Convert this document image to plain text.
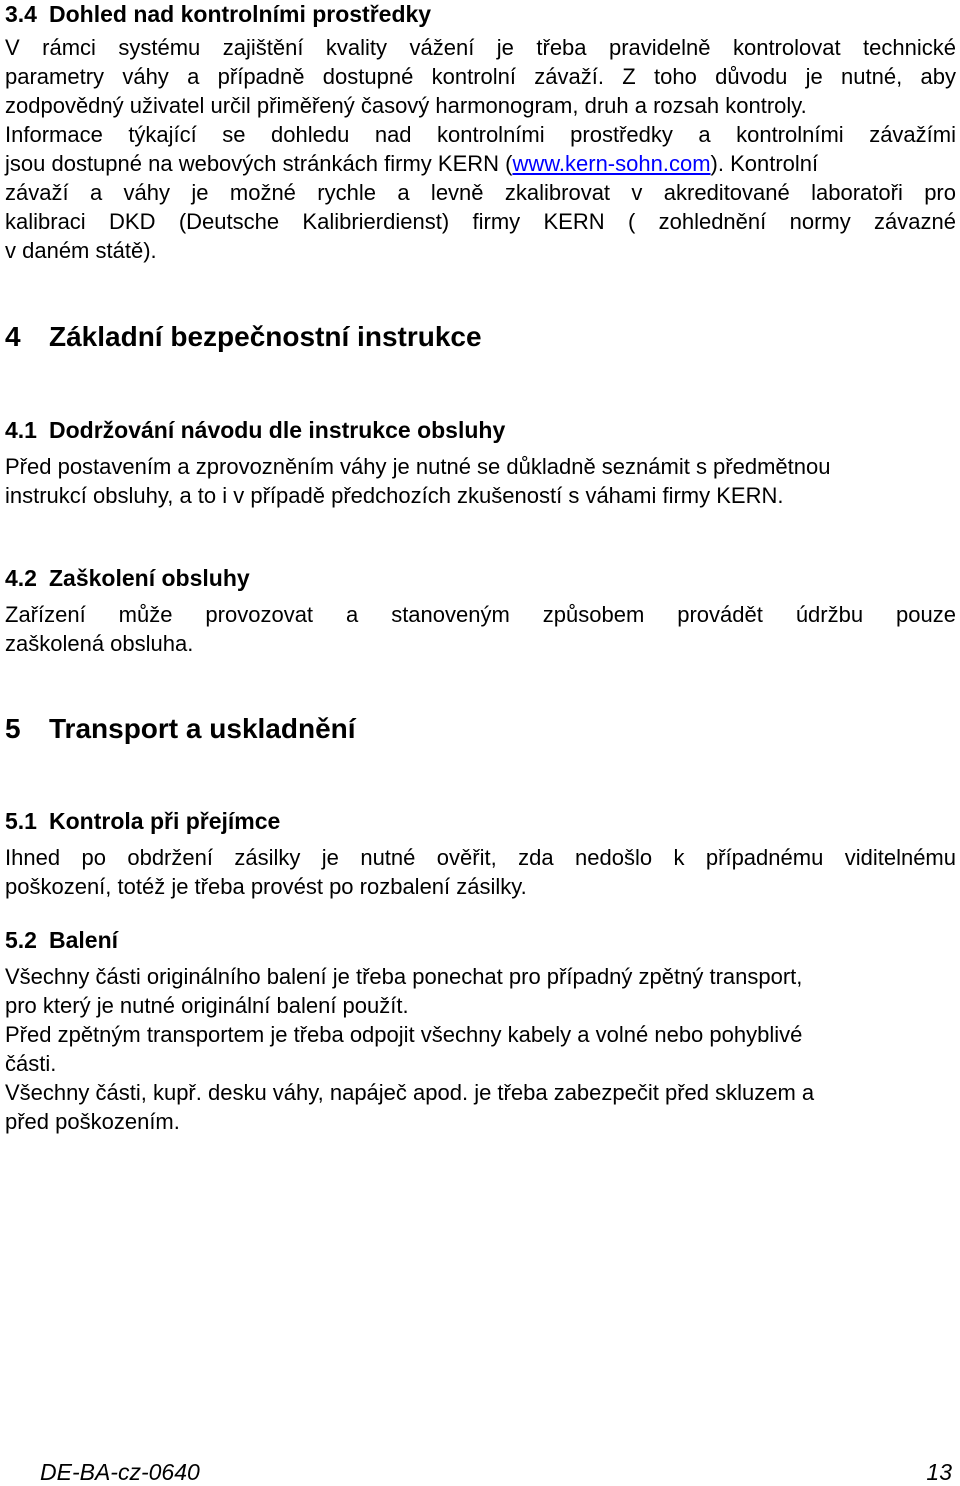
3.4 Dohled nad kontrolními prostředky
V rámci systému zajištění kvality vážení je třeba pravidelně kontrolovat technické
parametry váhy a případně dostupné kontrolní závaží. Z toho důvodu je nutné, aby
zodpovědný uživatel určil přiměřený časový harmonogram, druh a rozsah kontroly.
Informace týkající se dohledu nad kontrolními prostředky a kontrolními závažími
jsou dostupné na webových stránkách firmy KERN (www.kern-sohn.com). Kontrolní
závaží a váhy je možné rychle a levně zkalibrovat v akreditované laboratoři pro
kalibraci DKD (Deutsche Kalibrierdienst) firmy KERN ( zohlednění normy závazné
v daném státě).
4 Základní bezpečnostní instrukce
4.1 Dodržování návodu dle instrukce obsluhy
Před postavením a zprovozněním váhy je nutné se důkladně seznámit s předmětnou
instrukcí obsluhy, a to i v případě předchozích zkušeností s váhami firmy KERN.
4.2 Zaškolení obsluhy
Zařízení může provozovat a stanoveným způsobem provádět údržbu pouze
zaškolená obsluha.
5 Transport a uskladnění
5.1 Kontrola při přejímce
Ihned po obdržení zásilky je nutné ověřit, zda nedošlo k případnému viditelnému
poškození, totéž je třeba provést po rozbalení zásilky.
5.2 Balení
Všechny části originálního balení je třeba ponechat pro případný zpětný transport,
pro který je nutné originální balení použít.
Před zpětným transportem je třeba odpojit všechny kabely a volné nebo pohyblivé
části.
Všechny části, kupř. desku váhy, napáječ apod. je třeba zabezpečit před skluzem a
před poškozením.
DE-BA-cz-0640	13
